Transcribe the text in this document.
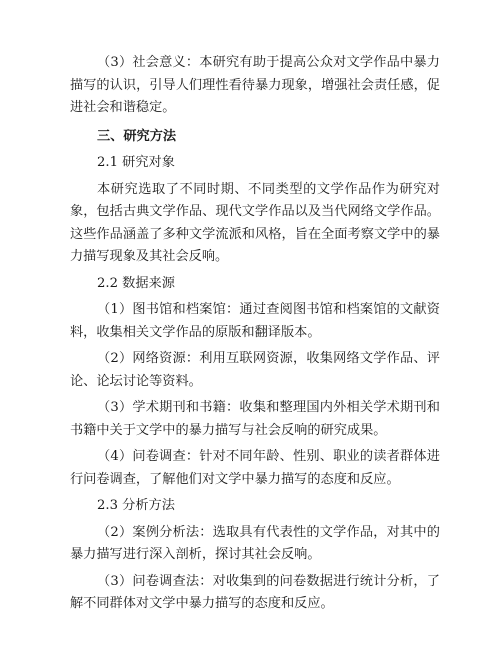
（3）社会意义：本研究有助于提高公众对文学作品中暴力描写的认识，引导人们理性看待暴力现象，增强社会责任感，促进社会和谐稳定。

三、研究方法

2.1 研究对象

本研究选取了不同时期、不同类型的文学作品作为研究对象，包括古典文学作品、现代文学作品以及当代网络文学作品。这些作品涵盖了多种文学流派和风格，旨在全面考察文学中的暴力描写现象及其社会反响。

2.2 数据来源

（1）图书馆和档案馆：通过查阅图书馆和档案馆的文献资料，收集相关文学作品的原版和翻译版本。

（2）网络资源：利用互联网资源，收集网络文学作品、评论、论坛讨论等资料。

（3）学术期刊和书籍：收集和整理国内外相关学术期刊和书籍中关于文学中的暴力描写与社会反响的研究成果。

（4）问卷调查：针对不同年龄、性别、职业的读者群体进行问卷调查，了解他们对文学中暴力描写的态度和反应。

2.3 分析方法

（2）案例分析法：选取具有代表性的文学作品，对其中的暴力描写进行深入剖析，探讨其社会反响。

（3）问卷调查法：对收集到的问卷数据进行统计分析，了解不同群体对文学中暴力描写的态度和反应。
